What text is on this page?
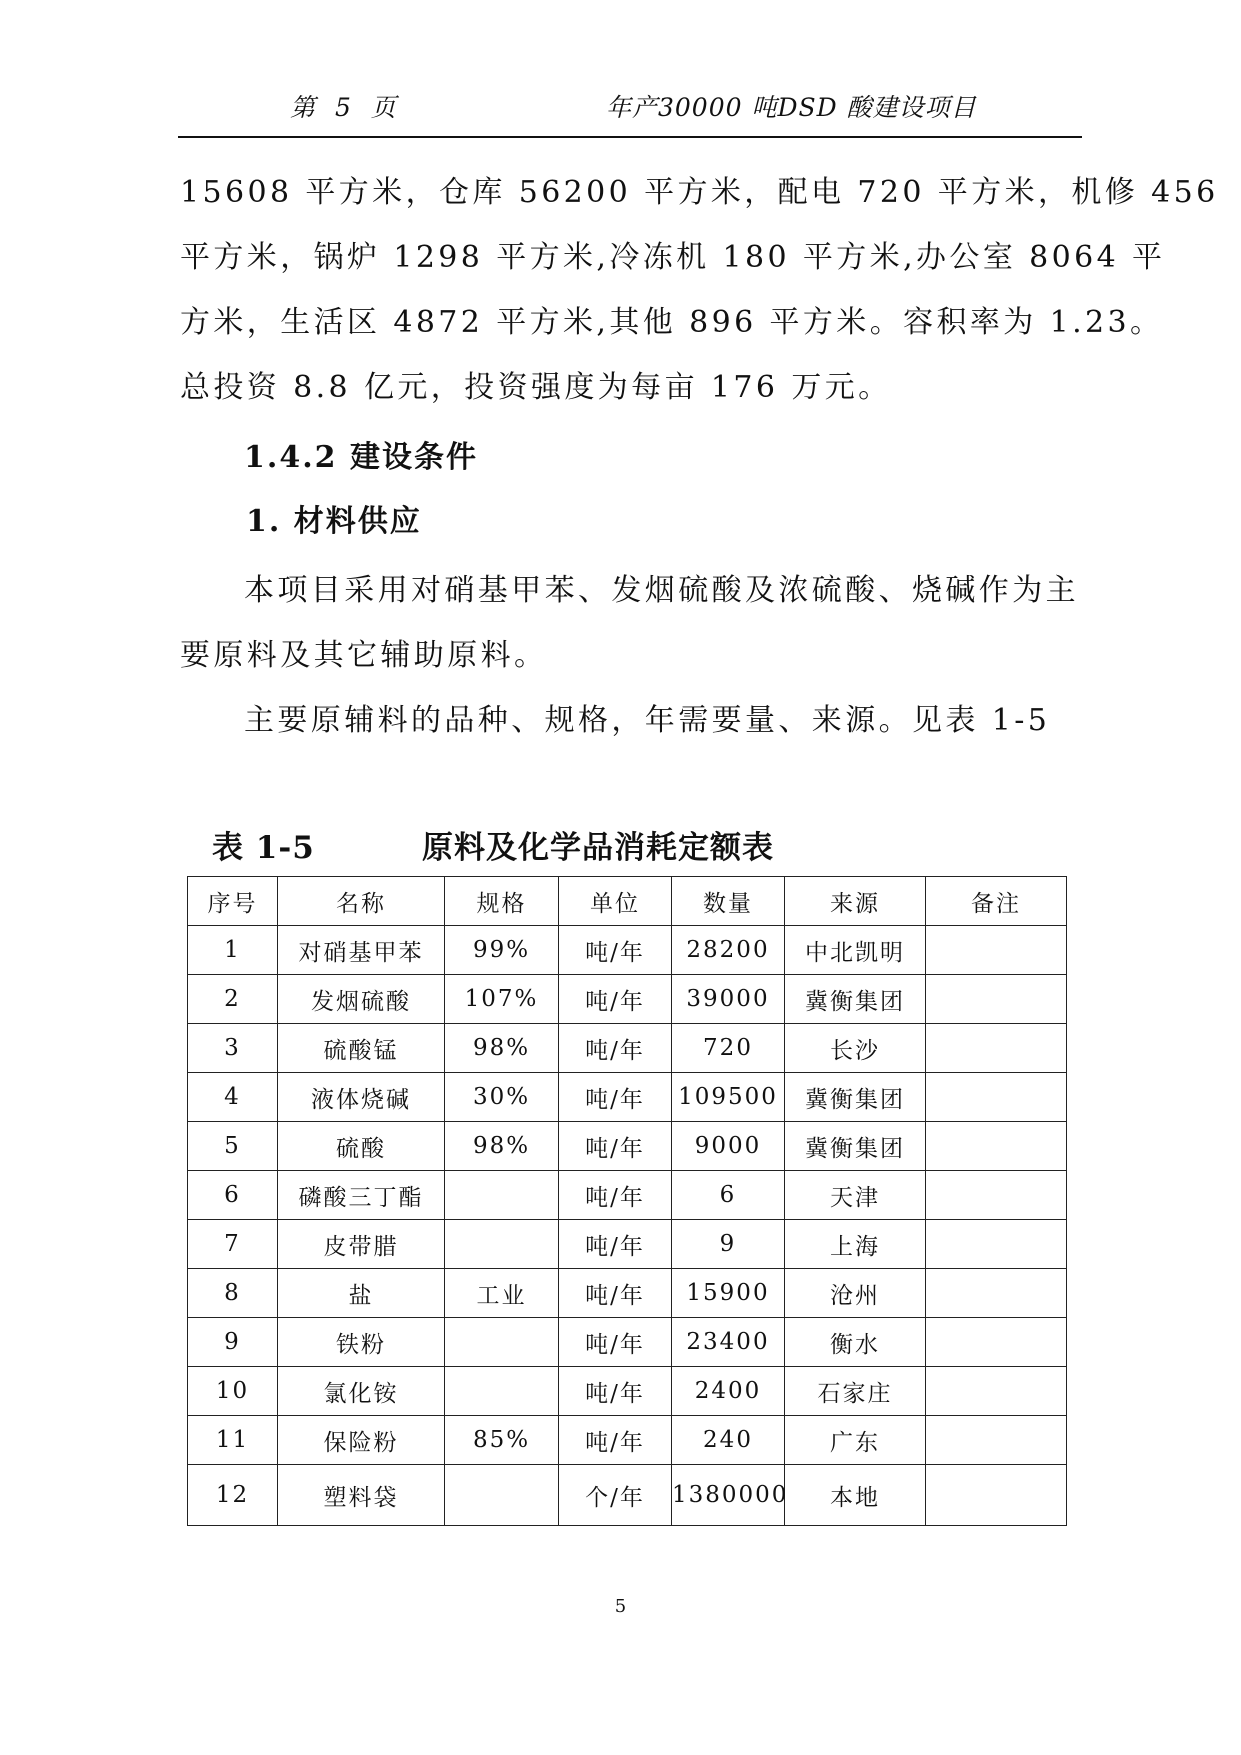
第 5 页	年产30000 吨DSD 酸建设项目

15608 平方米，仓库 56200 平方米，配电 720 平方米，机修 456
平方米，锅炉 1298 平方米,冷冻机 180 平方米,办公室 8064 平
方米，生活区 4872 平方米,其他 896 平方米。容积率为 1.23。
总投资 8.8 亿元，投资强度为每亩 176 万元。

1.4.2 建设条件
1. 材料供应

本项目采用对硝基甲苯、发烟硫酸及浓硫酸、烧碱作为主
要原料及其它辅助原料。

主要原辅料的品种、规格，年需要量、来源。见表 1-5

表 1-5	原料及化学品消耗定额表
序号	名称	规格	单位	数量	来源	备注
1	对硝基甲苯	99%	吨/年	28200	中北凯明	
2	发烟硫酸	107%	吨/年	39000	冀衡集团	
3	硫酸锰	98%	吨/年	720	长沙	
4	液体烧碱	30%	吨/年	109500	冀衡集团	
5	硫酸	98%	吨/年	9000	冀衡集团	
6	磷酸三丁酯		吨/年	6	天津	
7	皮带腊		吨/年	9	上海	
8	盐	工业	吨/年	15900	沧州	
9	铁粉		吨/年	23400	衡水	
10	氯化铵		吨/年	2400	石家庄	
11	保险粉	85%	吨/年	240	广东	
12	塑料袋		个/年	1380000	本地	
5
